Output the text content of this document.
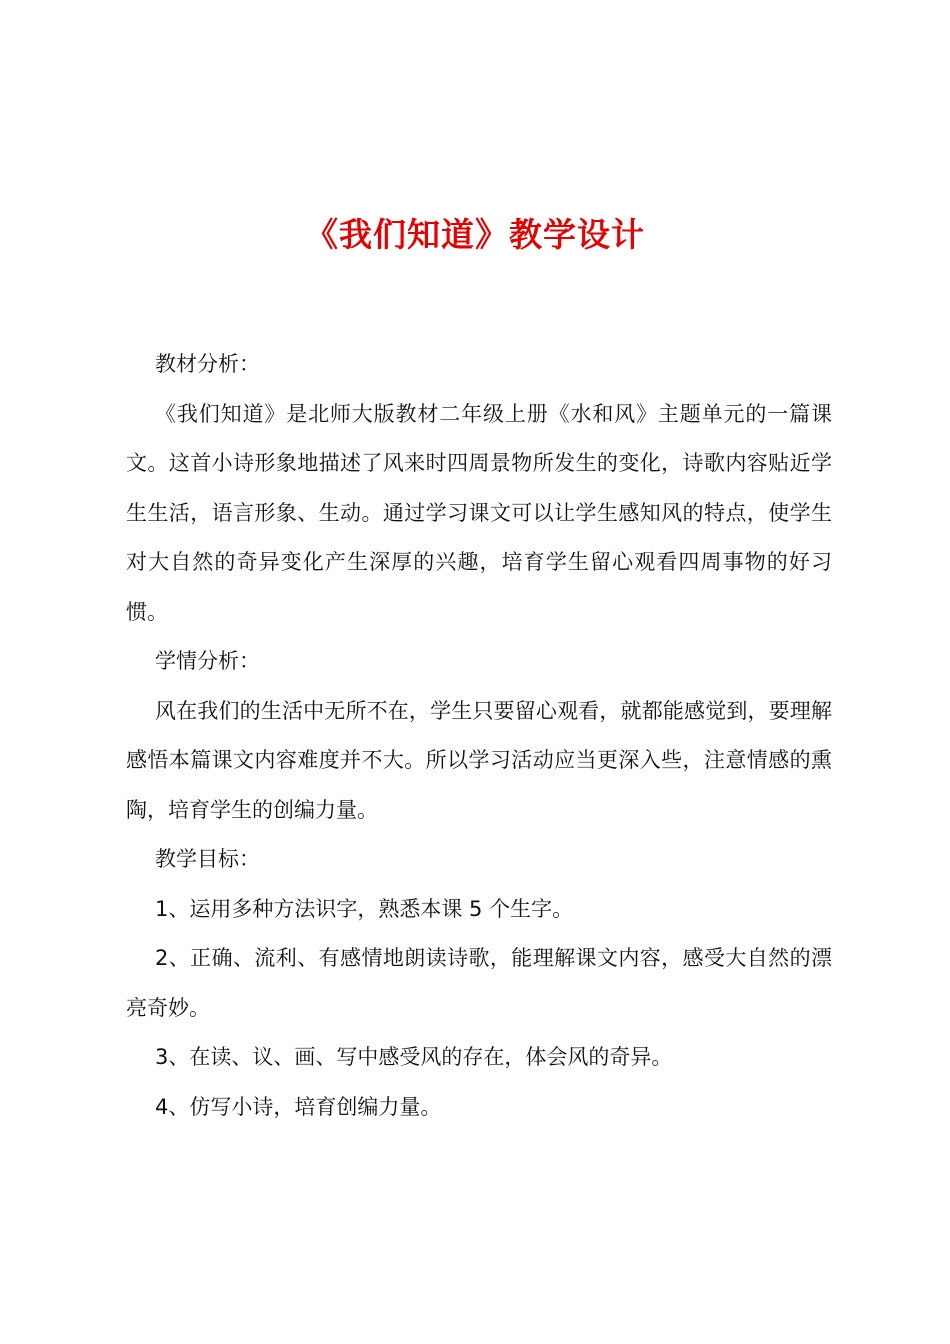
《我们知道》教学设计

教材分析：

《我们知道》是北师大版教材二年级上册《水和风》主题单元的一篇课文。这首小诗形象地描述了风来时四周景物所发生的变化，诗歌内容贴近学生生活，语言形象、生动。通过学习课文可以让学生感知风的特点，使学生对大自然的奇异变化产生深厚的兴趣，培育学生留心观看四周事物的好习惯。

学情分析：

风在我们的生活中无所不在，学生只要留心观看，就都能感觉到，要理解感悟本篇课文内容难度并不大。所以学习活动应当更深入些，注意情感的熏陶，培育学生的创编力量。

教学目标：

1、运用多种方法识字，熟悉本课 5 个生字。

2、正确、流利、有感情地朗读诗歌，能理解课文内容，感受大自然的漂亮奇妙。

3、在读、议、画、写中感受风的存在，体会风的奇异。

4、仿写小诗，培育创编力量。
